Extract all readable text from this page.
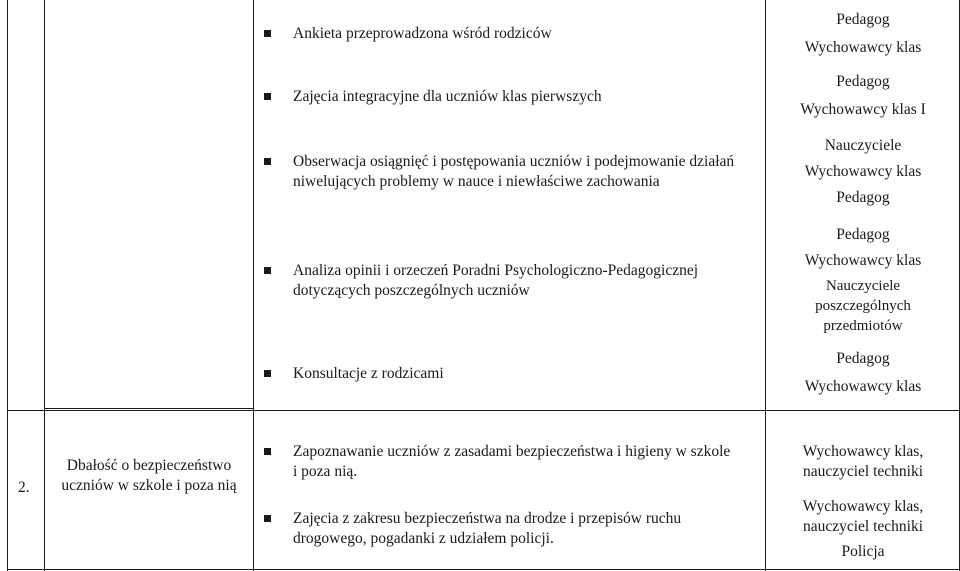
Ankieta przeprowadzona wśród rodziców
Pedagog
Wychowawcy klas
Zajęcia integracyjne dla uczniów klas pierwszych
Pedagog
Wychowawcy klas I
Obserwacja osiągnięć i postępowania uczniów i podejmowanie działań
niwelujących problemy w nauce i niewłaściwe zachowania
Nauczyciele
Wychowawcy klas
Pedagog
Analiza opinii i orzeczeń Poradni Psychologiczno-Pedagogicznej
dotyczących poszczególnych uczniów
Pedagog
Wychowawcy klas
Nauczyciele
poszczególnych
przedmiotów
Konsultacje z rodzicami
Pedagog
Wychowawcy klas
2.
Dbałość o bezpieczeństwo
uczniów w szkole i poza nią
Zapoznawanie uczniów z zasadami bezpieczeństwa i higieny w szkole
i poza nią.
Wychowawcy klas,
nauczyciel techniki
Zajęcia z zakresu bezpieczeństwa na drodze i przepisów ruchu
drogowego, pogadanki z udziałem policji.
Wychowawcy klas,
nauczyciel techniki
Policja
